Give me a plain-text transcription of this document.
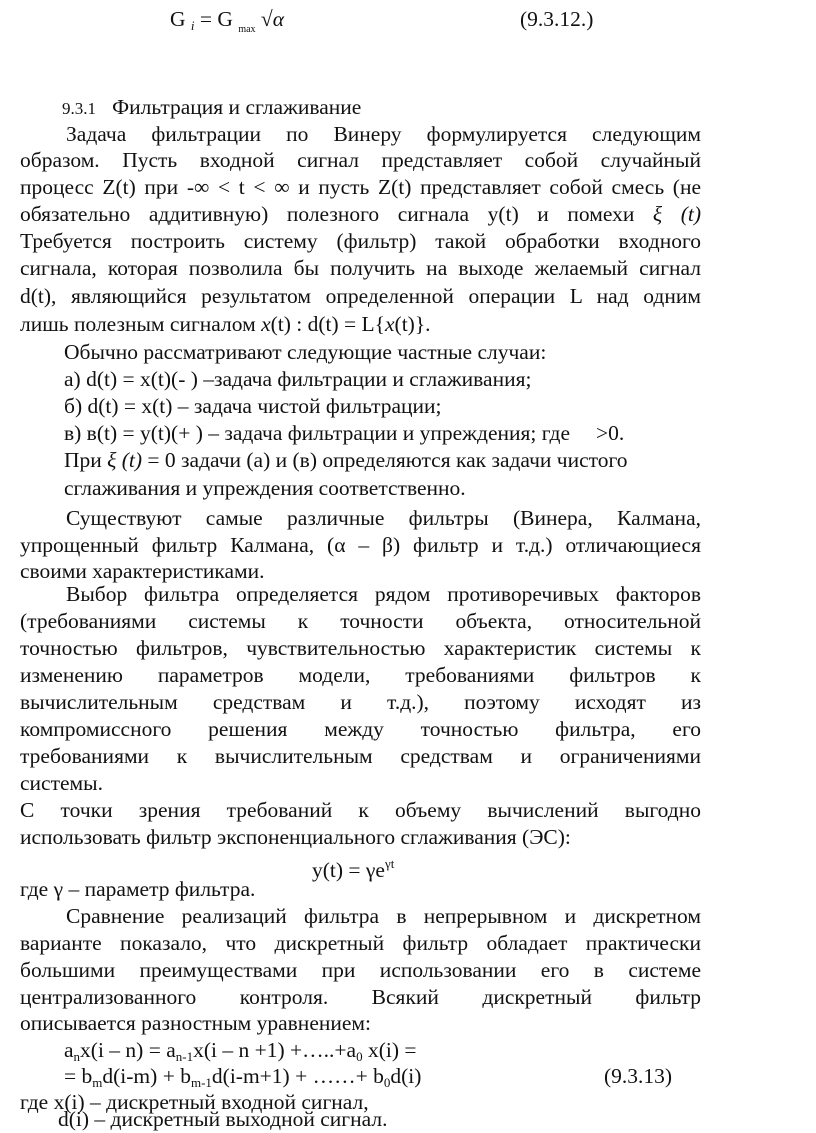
G $_i$ = G $_{max}$ √α	(9.3.12.)
9.3.1 Фильтрация и сглаживание
Задача фильтрации по Винеру формулируется следующим
образом. Пусть входной сигнал представляет собой случайный
процесс Z(t) при -∞ < t < ∞ и пусть Z(t) представляет собой смесь (не
обязательно аддитивную) полезного сигнала y(t) и помехи ξ (t)
Требуется построить систему (фильтр) такой обработки входного
сигнала, которая позволила бы получить на выходе желаемый сигнал
d(t), являющийся результатом определенной операции L над одним
лишь полезным сигналом x(t) : d(t) = L{x(t)}.
Обычно рассматривают следующие частные случаи:
а) d(t) = x(t)(- ) –задача фильтрации и сглаживания;
б) d(t) = x(t) – задача чистой фильтрации;
в) в(t) = y(t)(+ ) – задача фильтрации и упреждения; где >0.
При ξ (t) = 0 задачи (а) и (в) определяются как задачи чистого
сглаживания и упреждения соответственно.
Существуют самые различные фильтры (Винера, Калмана,
упрощенный фильтр Калмана, (α – β) фильтр и т.д.) отличающиеся
своими характеристиками.
Выбор фильтра определяется рядом противоречивых факторов
(требованиями системы к точности объекта, относительной
точностью фильтров, чувствительностью характеристик системы к
изменению параметров модели, требованиями фильтров к
вычислительным средствам и т.д.), поэтому исходят из
компромиссного решения между точностью фильтра, его
требованиями к вычислительным средствам и ограничениями
системы.
С точки зрения требований к объему вычислений выгодно
использовать фильтр экспоненциального сглаживания (ЭС):
$y(t) = \gamma e^{\gamma t}$
где γ – параметр фильтра.
Сравнение реализаций фильтра в непрерывном и дискретном
варианте показало, что дискретный фильтр обладает практически
большими преимуществами при использовании его в системе
централизованного контроля. Всякий дискретный фильтр
описывается разностным уравнением:
$a_nx(i - n) = a_{n-1}x(i - n +1)$ $+\dots..+a_0$ x(i) =
= $b_md(i-m) + b_{m-1}d(i-m+1)$ + ……+ $b_0d(i)$	(9.3.13)
где x(i) – дискретный входной сигнал,
d(i) – дискретный выходной сигнал.
